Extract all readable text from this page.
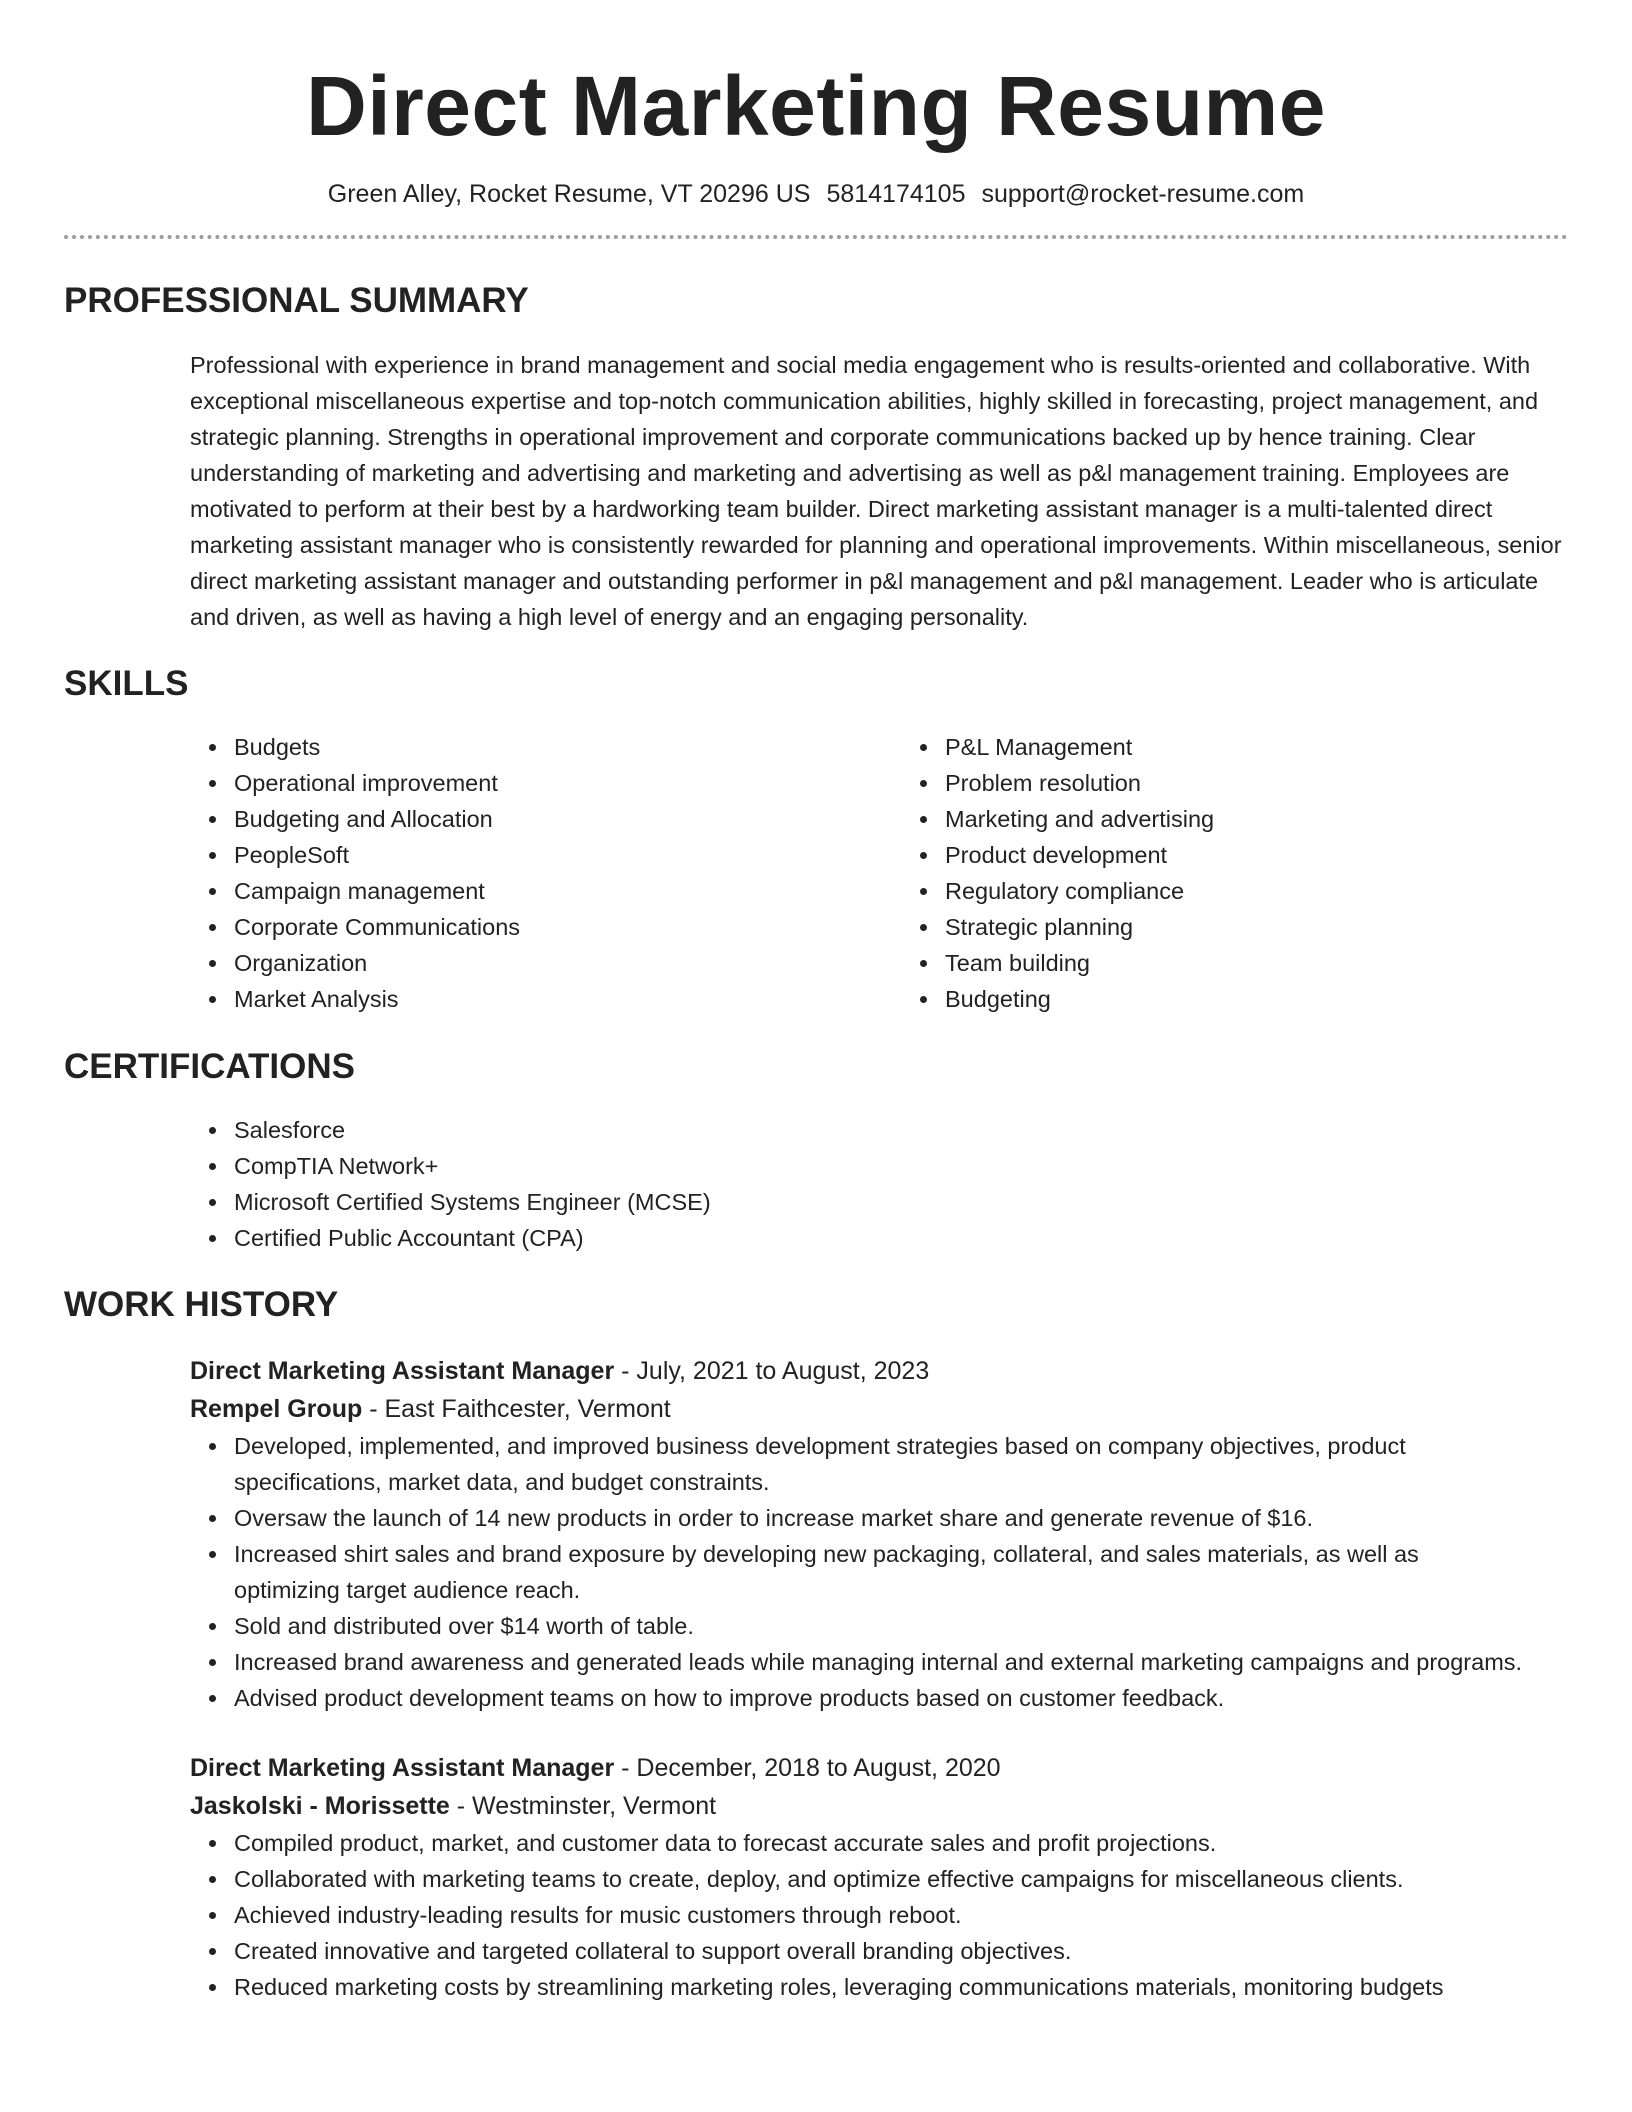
Direct Marketing Resume
Green Alley, Rocket Resume, VT 20296 US 5814174105 support@rocket-resume.com
PROFESSIONAL SUMMARY

Professional with experience in brand management and social media engagement who is results-oriented and collaborative. With exceptional miscellaneous expertise and top-notch communication abilities, highly skilled in forecasting, project management, and strategic planning. Strengths in operational improvement and corporate communications backed up by hence training. Clear understanding of marketing and advertising and marketing and advertising as well as p&l management training. Employees are motivated to perform at their best by a hardworking team builder. Direct marketing assistant manager is a multi-talented direct marketing assistant manager who is consistently rewarded for planning and operational improvements. Within miscellaneous, senior direct marketing assistant manager and outstanding performer in p&l management and p&l management. Leader who is articulate and driven, as well as having a high level of energy and an engaging personality.

SKILLS
Budgets
Operational improvement
Budgeting and Allocation
PeopleSoft
Campaign management
Corporate Communications
Organization
Market Analysis
P&L Management
Problem resolution
Marketing and advertising
Product development
Regulatory compliance
Strategic planning
Team building
Budgeting
CERTIFICATIONS
Salesforce
CompTIA Network+
Microsoft Certified Systems Engineer (MCSE)
Certified Public Accountant (CPA)
WORK HISTORY
Direct Marketing Assistant Manager - July, 2021 to August, 2023
Rempel Group - East Faithcester, Vermont
Developed, implemented, and improved business development strategies based on company objectives, product specifications, market data, and budget constraints.
Oversaw the launch of 14 new products in order to increase market share and generate revenue of $16.
Increased shirt sales and brand exposure by developing new packaging, collateral, and sales materials, as well as optimizing target audience reach.
Sold and distributed over $14 worth of table.
Increased brand awareness and generated leads while managing internal and external marketing campaigns and programs.
Advised product development teams on how to improve products based on customer feedback.
Direct Marketing Assistant Manager - December, 2018 to August, 2020
Jaskolski - Morissette - Westminster, Vermont
Compiled product, market, and customer data to forecast accurate sales and profit projections.
Collaborated with marketing teams to create, deploy, and optimize effective campaigns for miscellaneous clients.
Achieved industry-leading results for music customers through reboot.
Created innovative and targeted collateral to support overall branding objectives.
Reduced marketing costs by streamlining marketing roles, leveraging communications materials, monitoring budgets
